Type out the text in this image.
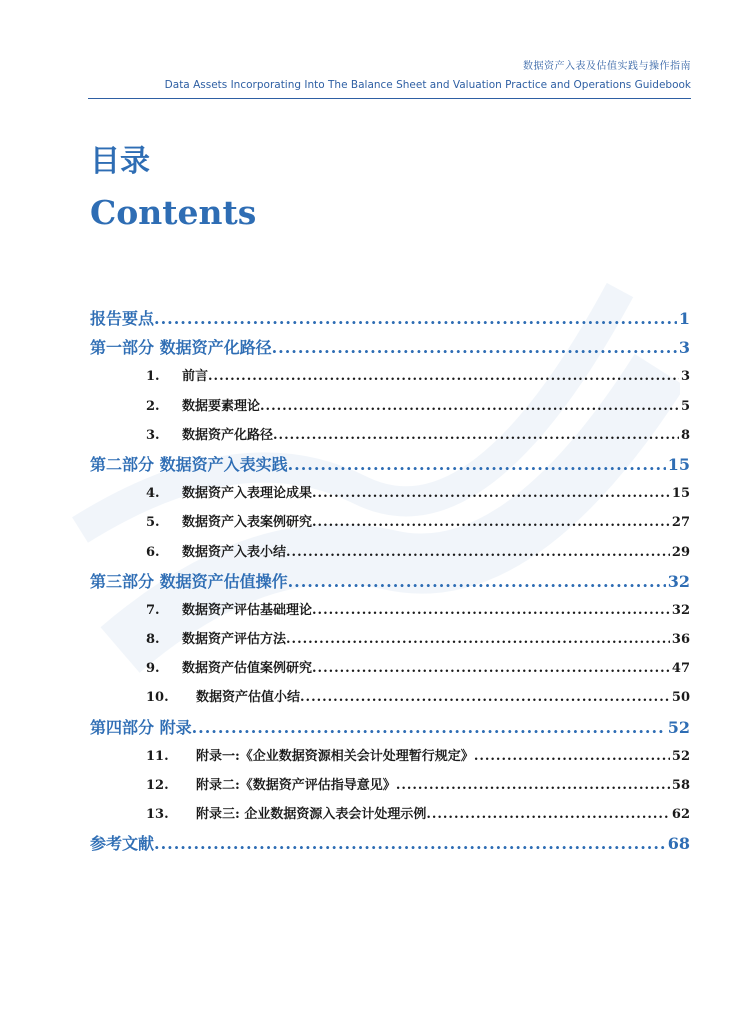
数据资产入表及估值实践与操作指南
Data Assets Incorporating Into The Balance Sheet and Valuation Practice and Operations Guidebook
目录
Contents
报告要点 .....	1
第一部分 数据资产化路径 .....	3
1. 前言 .....	3
2. 数据要素理论 .....	5
3. 数据资产化路径 .....	8
第二部分 数据资产入表实践 .....	15
4. 数据资产入表理论成果 .....	15
5. 数据资产入表案例研究 .....	27
6. 数据资产入表小结 .....	29
第三部分 数据资产估值操作 .....	32
7. 数据资产评估基础理论 .....	32
8. 数据资产评估方法 .....	36
9. 数据资产估值案例研究 .....	47
10. 数据资产估值小结 .....	50
第四部分 附录 .....	52
11. 附录一:《企业数据资源相关会计处理暂行规定》 .....	52
12. 附录二:《数据资产评估指导意见》 .....	58
13. 附录三: 企业数据资源入表会计处理示例 .....	62
参考文献 .....	68
